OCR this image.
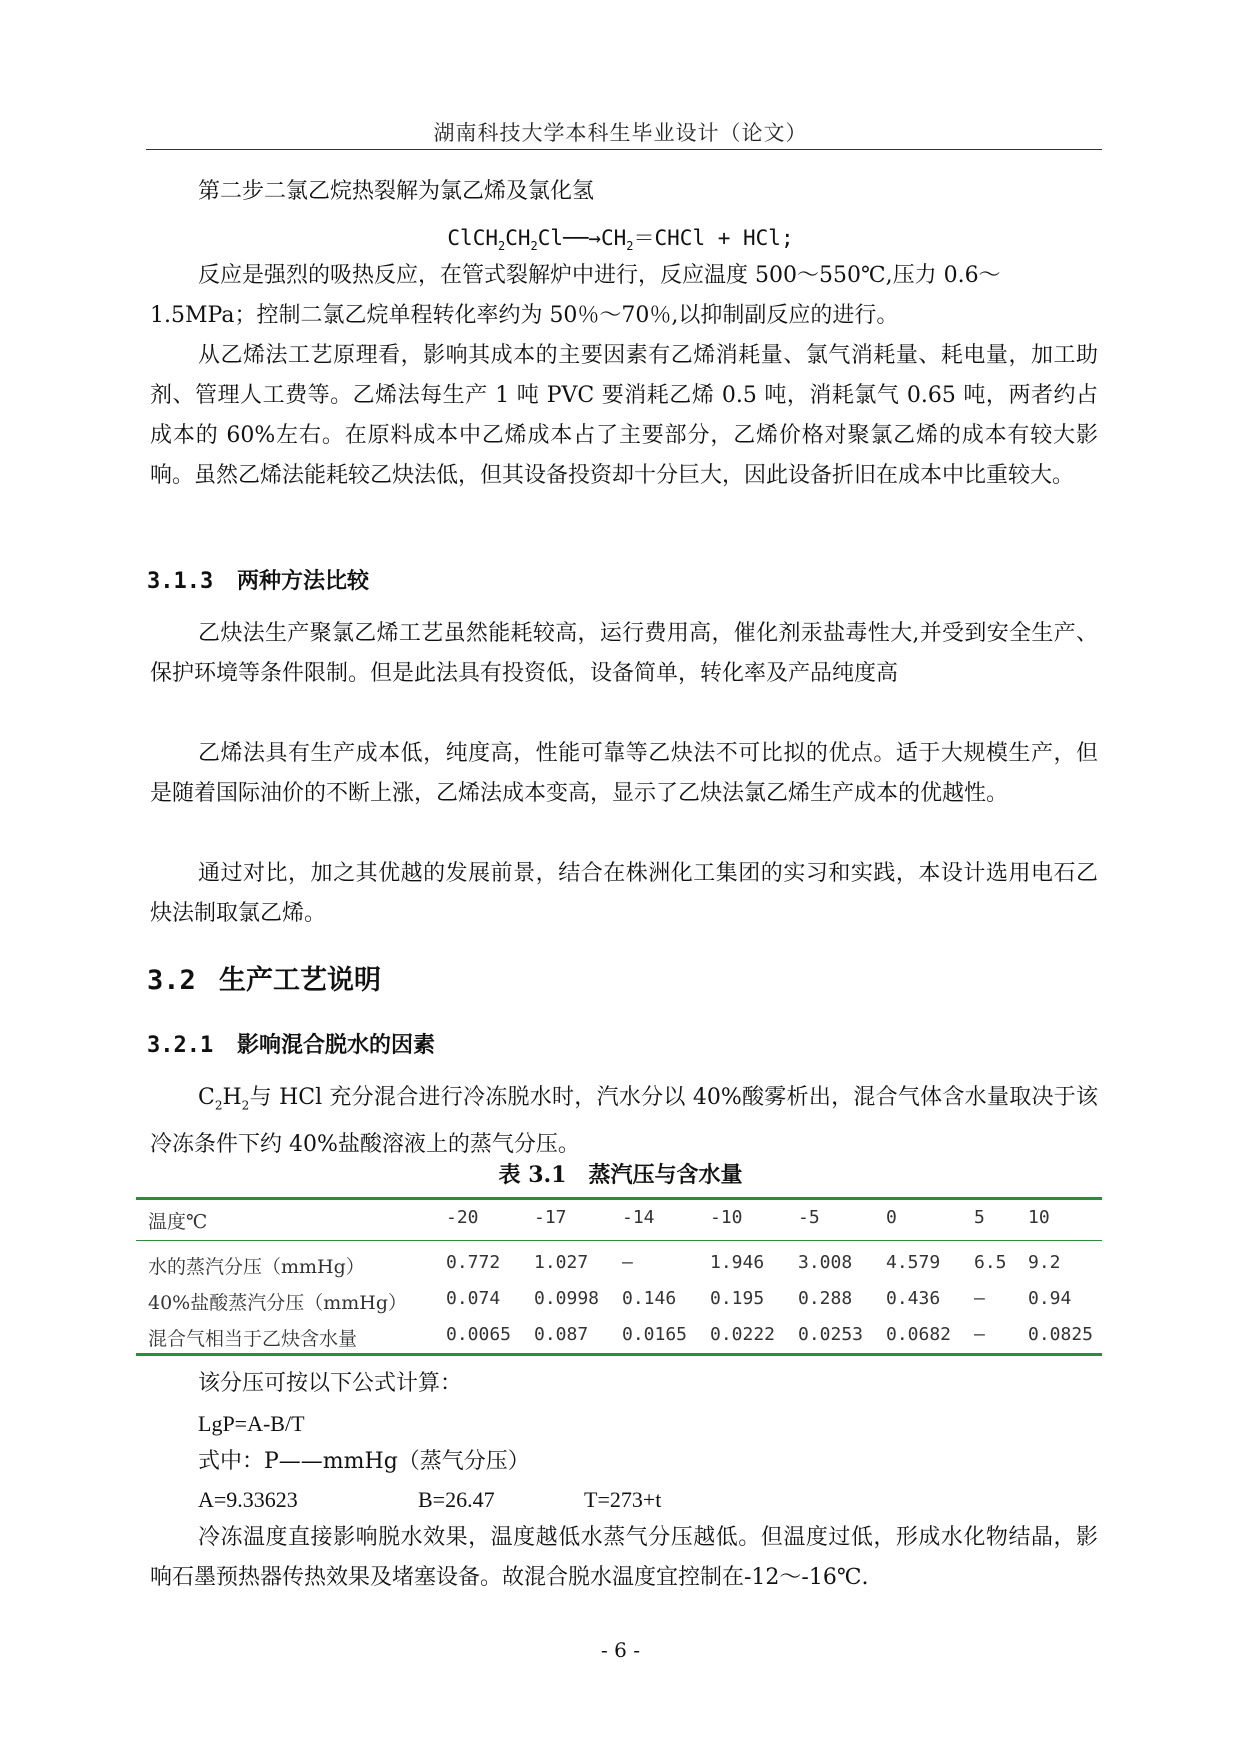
湖南科技大学本科生毕业设计（论文）
第二步二氯乙烷热裂解为氯乙烯及氯化氢
$ClCH_2CH_2Cl──\to CH_2=CHCl$ + HCl;
反应是强烈的吸热反应，在管式裂解炉中进行，反应温度 500～550℃,压力 0.6～
1.5MPa；控制二氯乙烷单程转化率约为 50％～70％,以抑制副反应的进行。

从乙烯法工艺原理看，影响其成本的主要因素有乙烯消耗量、氯气消耗量、耗电量，加工助剂、管理人工费等。乙烯法每生产 1 吨 PVC 要消耗乙烯 0.5 吨，消耗氯气 0.65 吨，两者约占成本的 60%左右。在原料成本中乙烯成本占了主要部分，乙烯价格对聚氯乙烯的成本有较大影响。虽然乙烯法能耗较乙炔法低，但其设备投资却十分巨大，因此设备折旧在成本中比重较大。

3.1.3 两种方法比较

乙炔法生产聚氯乙烯工艺虽然能耗较高，运行费用高，催化剂汞盐毒性大,并受到安全生产、保护环境等条件限制。但是此法具有投资低，设备简单，转化率及产品纯度高

乙烯法具有生产成本低，纯度高，性能可靠等乙炔法不可比拟的优点。适于大规模生产，但是随着国际油价的不断上涨，乙烯法成本变高，显示了乙炔法氯乙烯生产成本的优越性。

通过对比，加之其优越的发展前景，结合在株洲化工集团的实习和实践，本设计选用电石乙炔法制取氯乙烯。

3.2 生产工艺说明
3.2.1 影响混合脱水的因素

$C_2H_2$与 HCl 充分混合进行冷冻脱水时，汽水分以 40%酸雾析出，混合气体含水量取决于该冷冻条件下约 40%盐酸溶液上的蒸气分压。

表 3.1　蒸汽压与含水量
温度℃	-20	-17	-14	-10	-5	0	5 10
水的蒸汽分压（mmHg）	0.772 1.027 —	1.946 3.008 4.579 6.5 9.2
40%盐酸蒸汽分压（mmHg） 0.074 0.0998 0.146 0.195 0.288 0.436 — 0.94
混合气相当于乙炔含水量	0.0065 0.087 0.0165 0.0222 0.0253 0.0682 — 0.0825
该分压可按以下公式计算：
LgP=A-B/T
式中：P——mmHg（蒸气分压）
A=9.33623	B=26.47	T=273+t

冷冻温度直接影响脱水效果，温度越低水蒸气分压越低。但温度过低，形成水化物结晶，影响石墨预热器传热效果及堵塞设备。故混合脱水温度宜控制在-12～-16℃.

- 6 -
